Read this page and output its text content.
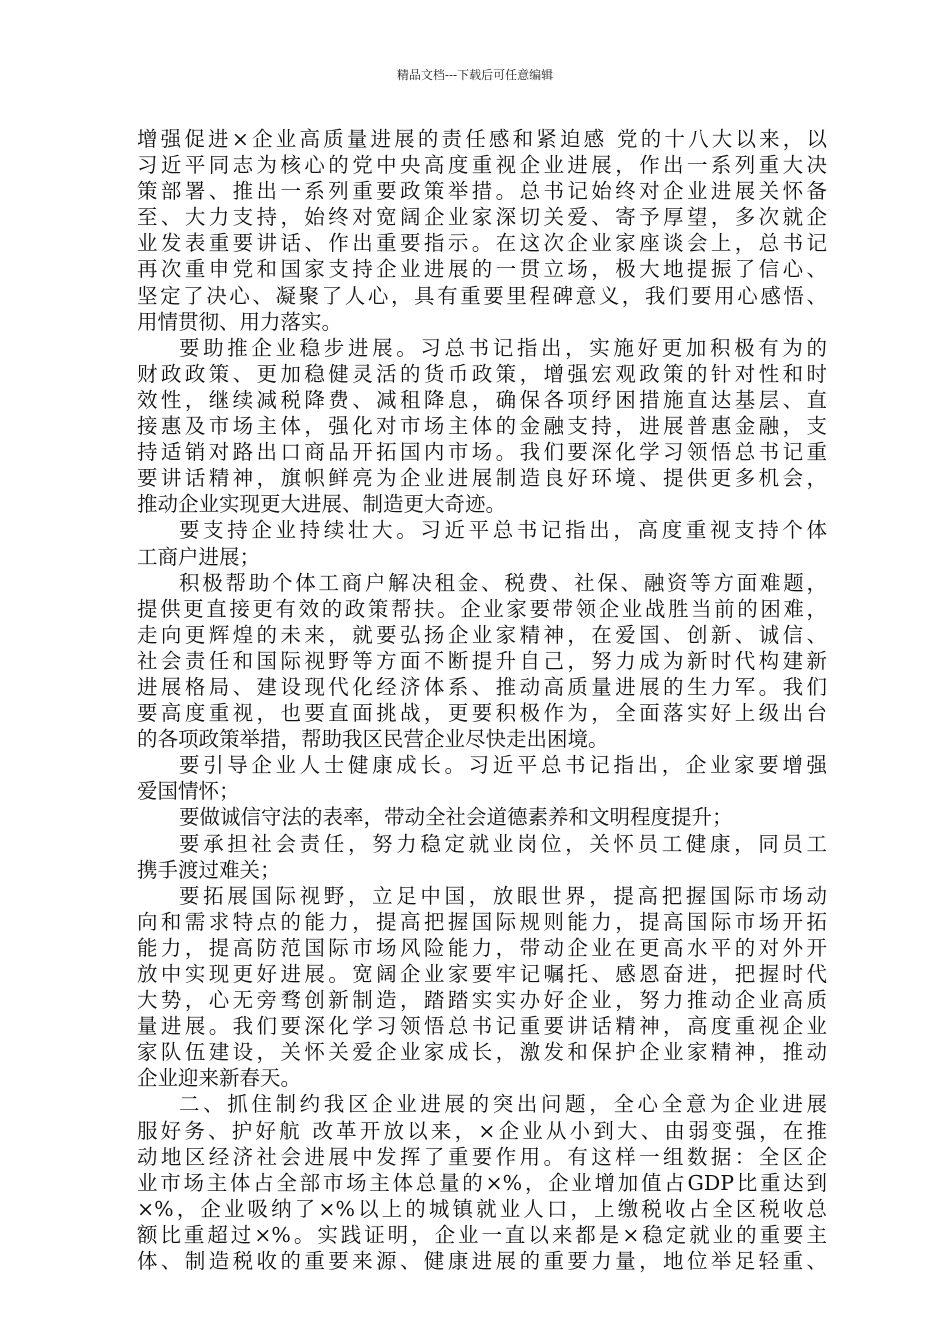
精品文档---下载后可任意编辑
增强促进×企业高质量进展的责任感和紧迫感 党的十八大以来，以
习近平同志为核心的党中央高度重视企业进展，作出一系列重大决
策部署、推出一系列重要政策举措。总书记始终对企业进展关怀备
至、大力支持，始终对宽阔企业家深切关爱、寄予厚望，多次就企
业发表重要讲话、作出重要指示。在这次企业家座谈会上，总书记
再次重申党和国家支持企业进展的一贯立场，极大地提振了信心、
坚定了决心、凝聚了人心，具有重要里程碑意义，我们要用心感悟、
用情贯彻、用力落实。
要助推企业稳步进展。习总书记指出，实施好更加积极有为的
财政政策、更加稳健灵活的货币政策，增强宏观政策的针对性和时
效性，继续减税降费、减租降息，确保各项纾困措施直达基层、直
接惠及市场主体，强化对市场主体的金融支持，进展普惠金融，支
持适销对路出口商品开拓国内市场。我们要深化学习领悟总书记重
要讲话精神，旗帜鲜亮为企业进展制造良好环境、提供更多机会，
推动企业实现更大进展、制造更大奇迹。
要支持企业持续壮大。习近平总书记指出，高度重视支持个体
工商户进展；
积极帮助个体工商户解决租金、税费、社保、融资等方面难题，
提供更直接更有效的政策帮扶。企业家要带领企业战胜当前的困难，
走向更辉煌的未来，就要弘扬企业家精神，在爱国、创新、诚信、
社会责任和国际视野等方面不断提升自己，努力成为新时代构建新
进展格局、建设现代化经济体系、推动高质量进展的生力军。我们
要高度重视，也要直面挑战，更要积极作为，全面落实好上级出台
的各项政策举措，帮助我区民营企业尽快走出困境。
要引导企业人士健康成长。习近平总书记指出，企业家要增强
爱国情怀；
要做诚信守法的表率，带动全社会道德素养和文明程度提升；
要承担社会责任，努力稳定就业岗位，关怀员工健康，同员工
携手渡过难关；
要拓展国际视野，立足中国，放眼世界，提高把握国际市场动
向和需求特点的能力，提高把握国际规则能力，提高国际市场开拓
能力，提高防范国际市场风险能力，带动企业在更高水平的对外开
放中实现更好进展。宽阔企业家要牢记嘱托、感恩奋进，把握时代
大势，心无旁骛创新制造，踏踏实实办好企业，努力推动企业高质
量进展。我们要深化学习领悟总书记重要讲话精神，高度重视企业
家队伍建设，关怀关爱企业家成长，激发和保护企业家精神，推动
企业迎来新春天。
二、抓住制约我区企业进展的突出问题，全心全意为企业进展
服好务、护好航 改革开放以来，×企业从小到大、由弱变强，在推
动地区经济社会进展中发挥了重要作用。有这样一组数据：全区企
业市场主体占全部市场主体总量的×%，企业增加值占GDP比重达到
×%，企业吸纳了×%以上的城镇就业人口，上缴税收占全区税收总
额比重超过×%。实践证明，企业一直以来都是×稳定就业的重要主
体、制造税收的重要来源、健康进展的重要力量，地位举足轻重、
